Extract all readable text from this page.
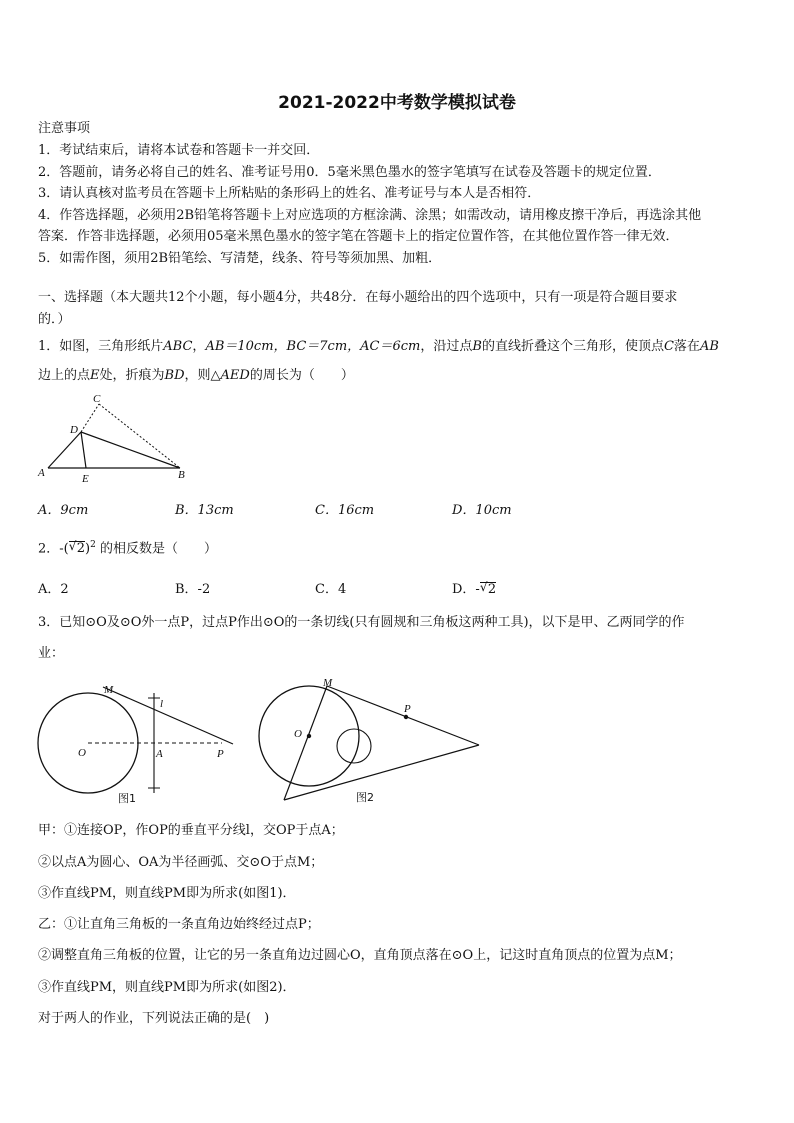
2021-2022中考数学模拟试卷
注意事项
1．考试结束后，请将本试卷和答题卡一并交回．
2．答题前，请务必将自己的姓名、准考证号用0．5毫米黑色墨水的签字笔填写在试卷及答题卡的规定位置．
3．请认真核对监考员在答题卡上所粘贴的条形码上的姓名、准考证号与本人是否相符．
4．作答选择题，必须用2B铅笔将答题卡上对应选项的方框涂满、涂黑；如需改动，请用橡皮擦干净后，再选涂其他
答案．作答非选择题，必须用05毫米黑色墨水的签字笔在答题卡上的指定位置作答，在其他位置作答一律无效．
5．如需作图，须用2B铅笔绘、写清楚，线条、符号等须加黑、加粗．
一、选择题（本大题共12个小题，每小题4分，共48分．在每小题给出的四个选项中，只有一项是符合题目要求
的．）
1．如图，三角形纸片ABC，AB＝10cm，BC＝7cm，AC＝6cm，沿过点B的直线折叠这个三角形，使顶点C落在AB
边上的点E处，折痕为BD，则△AED的周长为（　　）
C
D
A	E	B
A．9cm	B．13cm	C．16cm	D．10cm
2．-( √ 2)$^2$ 的相反数是（　　）
A．2	B．-2	C．4	D．- √ 2
3．已知⊙O及⊙O外一点P，过点P作出⊙O的一条切线(只有圆规和三角板这两种工具)，以下是甲、乙两同学的作
业：
M
l
O	A	P
图1
M
P
O
图2
甲：①连接OP，作OP的垂直平分线l，交OP于点A；
②以点A为圆心、OA为半径画弧、交⊙O于点M；
③作直线PM，则直线PM即为所求(如图1)．
乙：①让直角三角板的一条直角边始终经过点P；
②调整直角三角板的位置，让它的另一条直角边过圆心O，直角顶点落在⊙O上，记这时直角顶点的位置为点M；
③作直线PM，则直线PM即为所求(如图2)．
对于两人的作业，下列说法正确的是(　)
